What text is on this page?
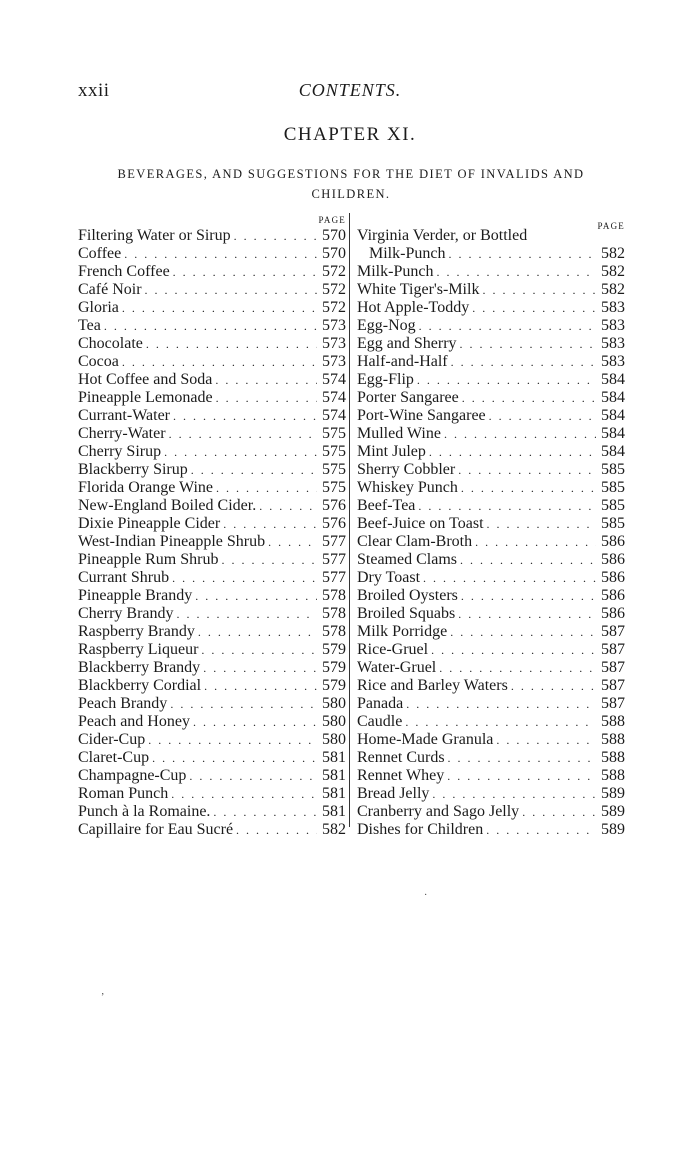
xxii	CONTENTS.
CHAPTER XI.
BEVERAGES, AND SUGGESTIONS FOR THE DIET OF INVALIDS AND CHILDREN.
PAGE
Filtering Water or Sirup . . .	570
Coffee . . .	570
French Coffee . . .	572
Café Noir . . .	572
Gloria . . .	572
Tea . . .	573
Chocolate . . .	573
Cocoa . . .	573
Hot Coffee and Soda . . .	574
Pineapple Lemonade . . .	574
Currant-Water . . .	574
Cherry-Water . . .	575
Cherry Sirup . . .	575
Blackberry Sirup . . .	575
Florida Orange Wine . . .	575
New-England Boiled Cider. . . .	576
Dixie Pineapple Cider . . .	576
West-Indian Pineapple Shrub . . .	577
Pineapple Rum Shrub . . .	577
Currant Shrub . . .	577
Pineapple Brandy . . .	578
Cherry Brandy . . .	578
Raspberry Brandy . . .	578
Raspberry Liqueur . . .	579
Blackberry Brandy . . .	579
Blackberry Cordial . . .	579
Peach Brandy . . .	580
Peach and Honey . . .	580
Cider-Cup . . .	580
Claret-Cup . . .	581
Champagne-Cup . . .	581
Roman Punch . . .	581
Punch à la Romaine. . . .	581
Capillaire for Eau Sucré . . .	582
PAGE
Virginia Verder, or Bottled
Milk-Punch . . .	582
Milk-Punch . . .	582
White Tiger's-Milk . . .	582
Hot Apple-Toddy . . .	583
Egg-Nog . . .	583
Egg and Sherry . . .	583
Half-and-Half . . .	583
Egg-Flip . . .	584
Porter Sangaree . . .	584
Port-Wine Sangaree . . .	584
Mulled Wine . . .	584
Mint Julep . . .	584
Sherry Cobbler . . .	585
Whiskey Punch . . .	585
Beef-Tea . . .	585
Beef-Juice on Toast . . .	585
Clear Clam-Broth . . .	586
Steamed Clams . . .	586
Dry Toast . . .	586
Broiled Oysters . . .	586
Broiled Squabs . . .	586
Milk Porridge . . .	587
Rice-Gruel . . .	587
Water-Gruel . . .	587
Rice and Barley Waters . . .	587
Panada . . .	587
Caudle . . .	588
Home-Made Granula . . .	588
Rennet Curds . . .	588
Rennet Whey . . .	588
Bread Jelly . . .	589
Cranberry and Sago Jelly . . .	589
Dishes for Children . . .	589
·
ʼ
